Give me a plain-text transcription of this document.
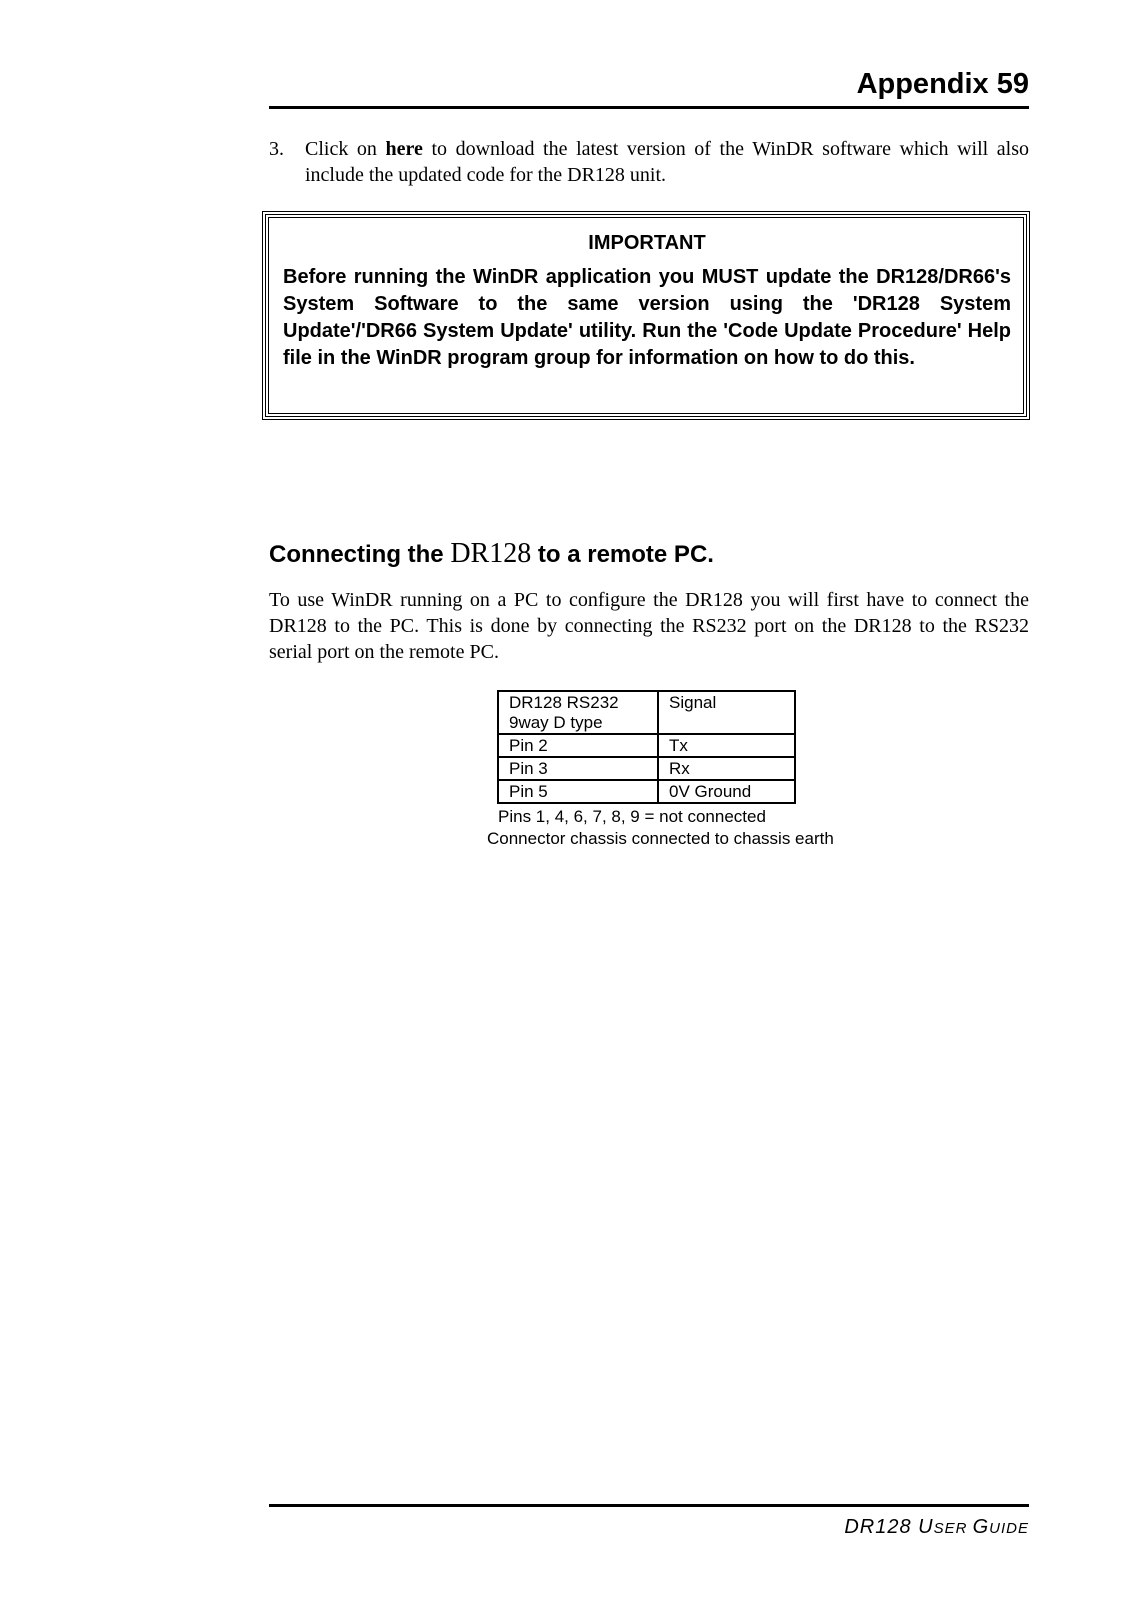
Appendix 59
3.	Click on here to download the latest version of the WinDR software which will also include the updated code for the DR128 unit.
IMPORTANT
Before running the WinDR application you MUST update the DR128/DR66's System Software to the same version using the 'DR128 System Update'/'DR66 System Update' utility. Run the 'Code Update Procedure' Help file in the WinDR program group for information on how to do this.
Connecting the DR128 to a remote PC.
To use WinDR running on a PC to configure the DR128 you will first have to connect the DR128 to the PC. This is done by connecting the RS232 port on the DR128 to the RS232 serial port on the remote PC.
DR128 RS232 9way D type	Signal
Pin 2	Tx
Pin 3	Rx
Pin 5	0V Ground
Pins 1, 4, 6, 7, 8, 9 = not connected
Connector chassis connected to chassis earth
DR128 USER GUIDE
